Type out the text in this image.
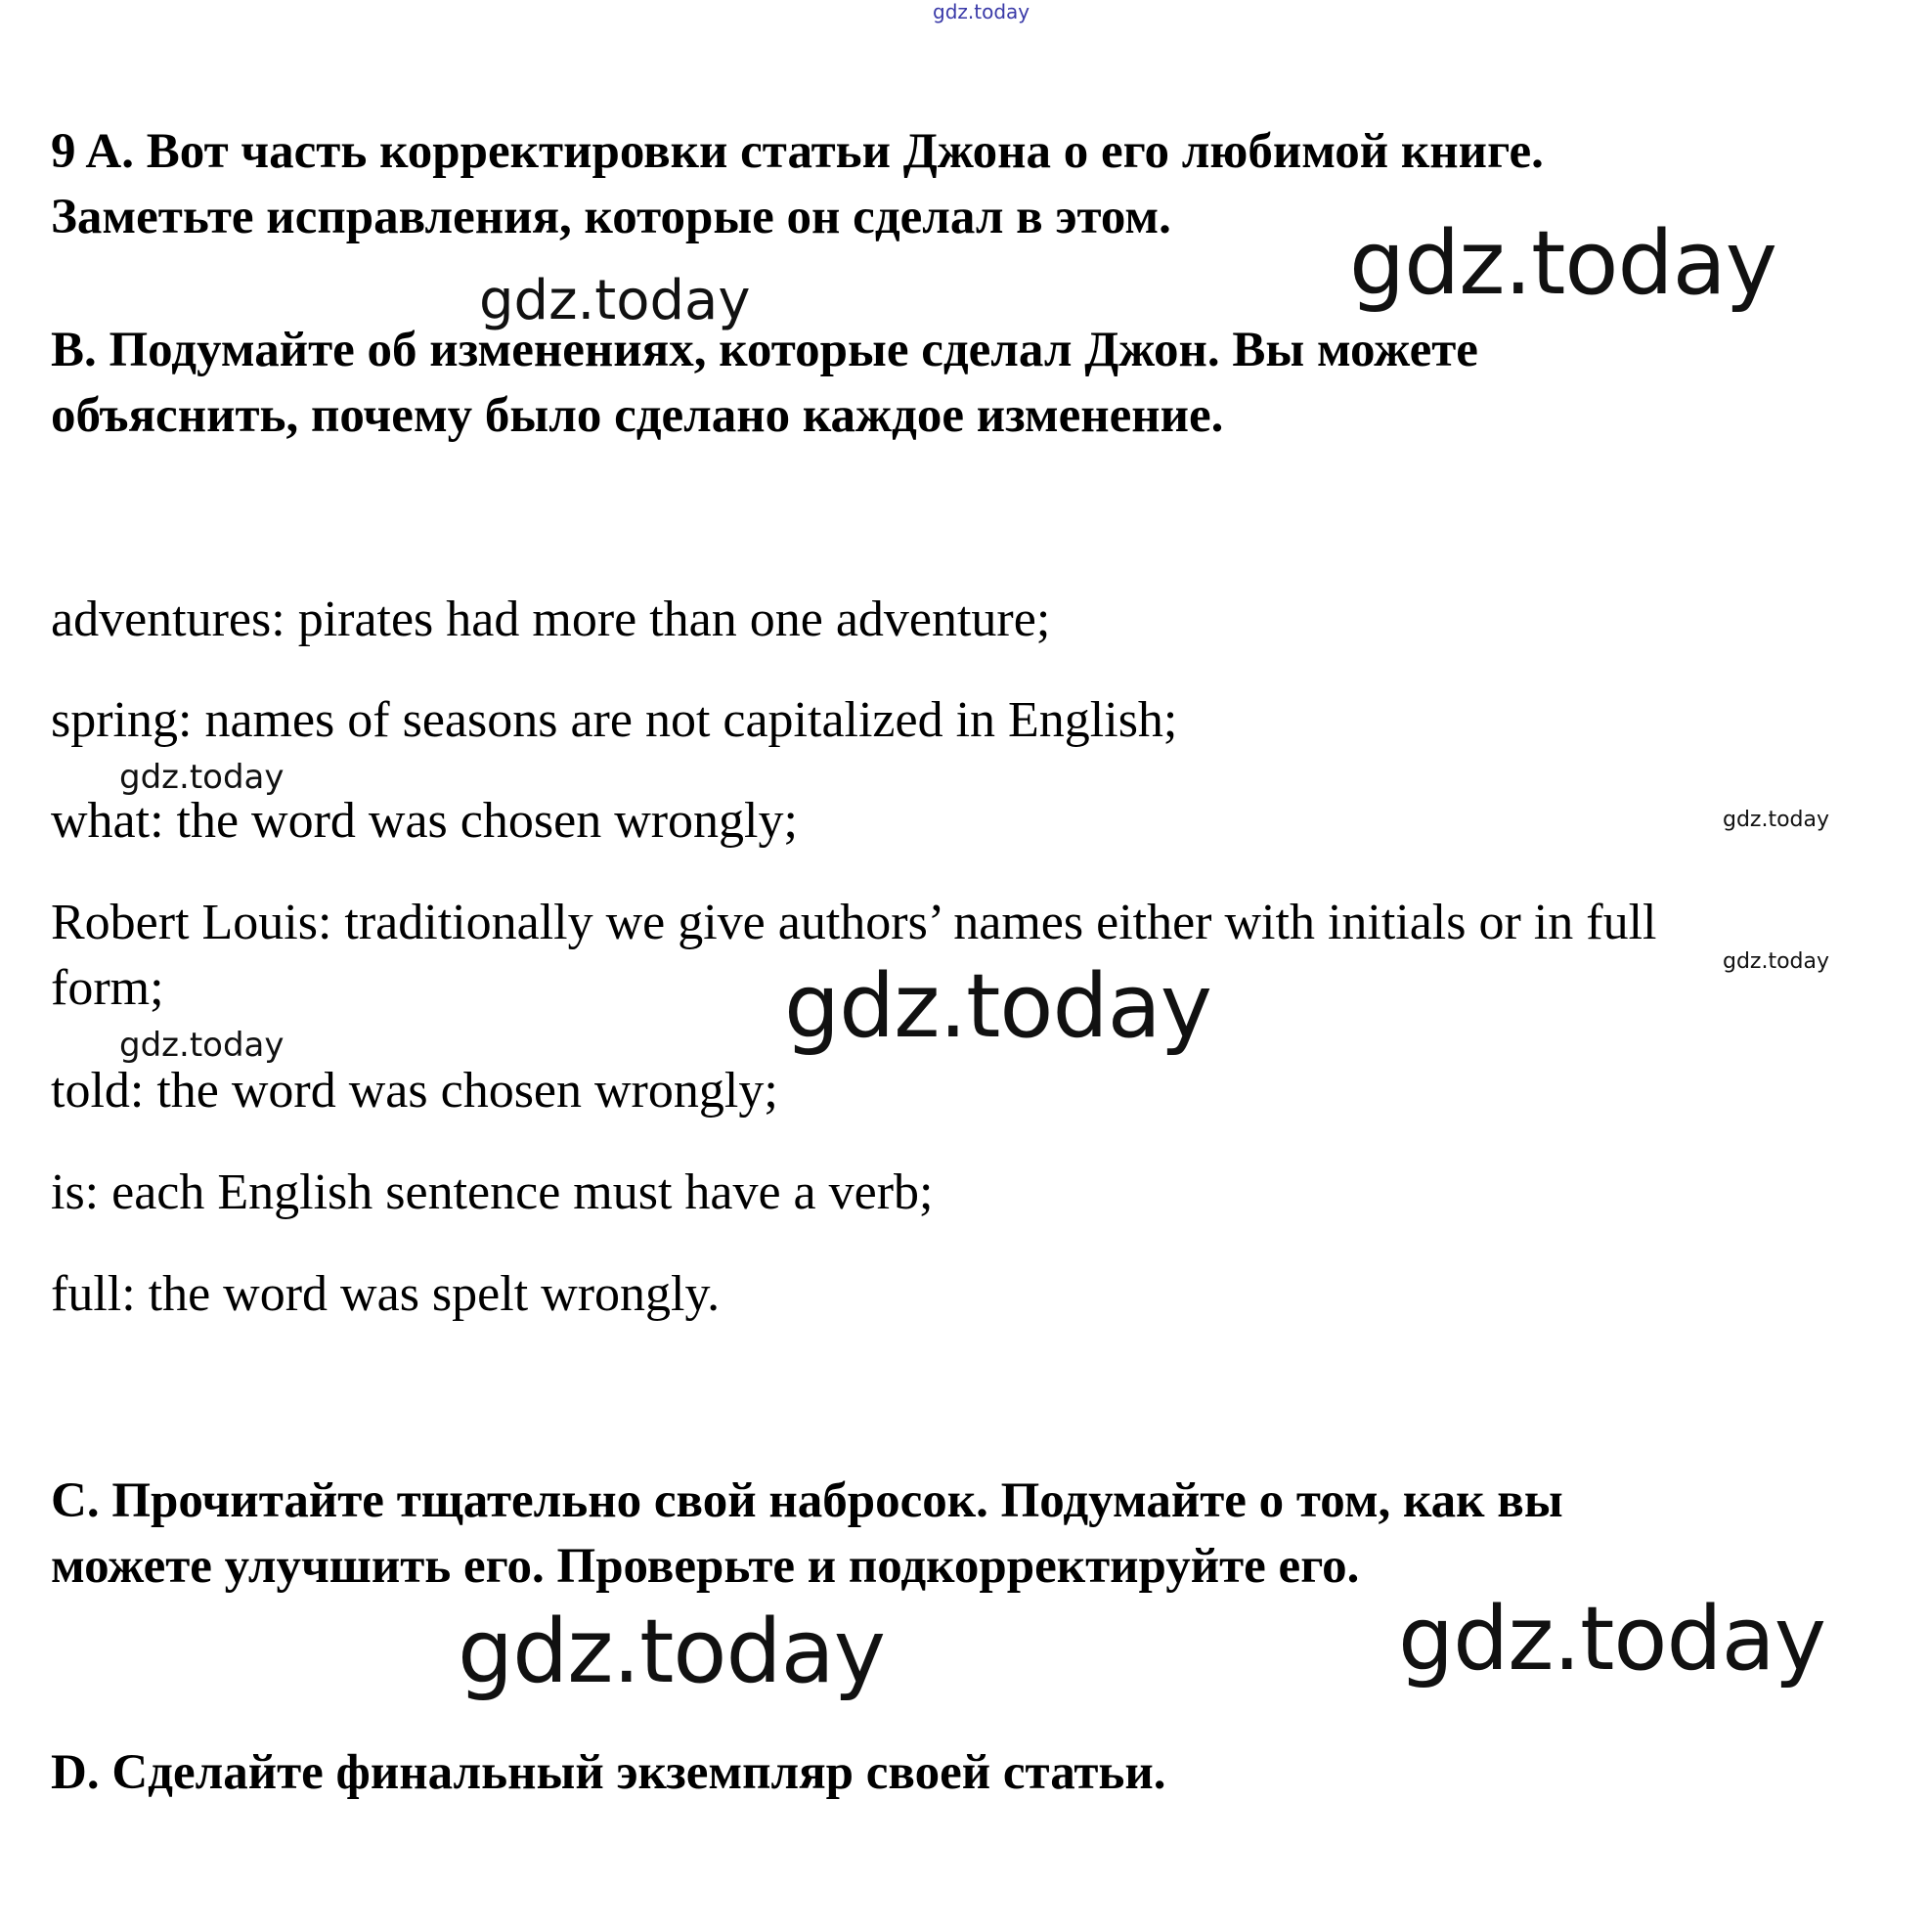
gdz.today
9 A. Вот часть корректировки статьи Джона о его любимой книге.
Заметьте исправления, которые он сделал в этом. gdz.today
gdz.today
B. Подумайте об изменениях, которые сделал Джон. Вы можете
объяснить, почему было сделано каждое изменение.
adventures: pirates had more than one adventure;
spring: names of seasons are not capitalized in English;
gdz.today
what: the word was chosen wrongly;	gdz.today
Robert Louis: traditionally we give authors’ names either with initials or in full
gdz.today
form;	gdz.today
gdz.today
told: the word was chosen wrongly;
is: each English sentence must have a verb;
full: the word was spelt wrongly.
C. Прочитайте тщательно свой набросок. Подумайте о том, как вы
можете улучшить его. Проверьте и подкорректируйте его.
gdz.today
gdz.today
D. Сделайте финальный экземпляр своей статьи.
